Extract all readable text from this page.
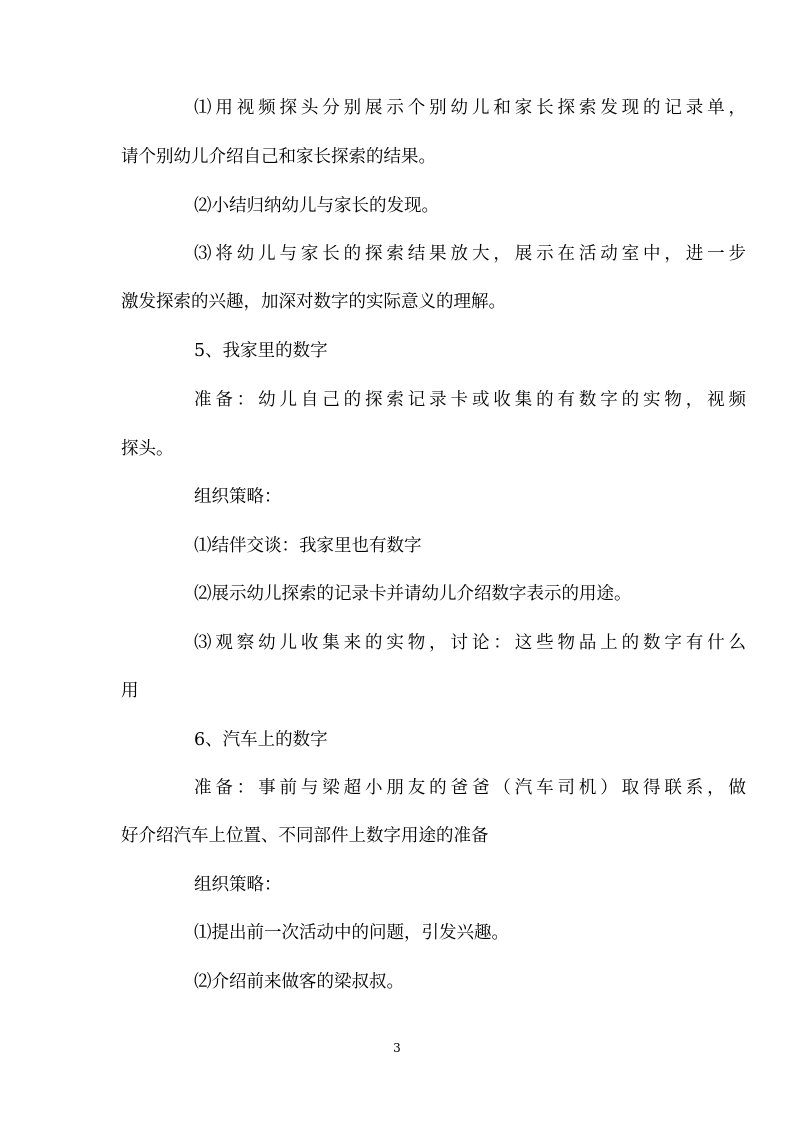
⑴用视频探头分别展示个别幼儿和家长探索发现的记录单，
请个别幼儿介绍自己和家长探索的结果。
⑵小结归纳幼儿与家长的发现。
⑶将幼儿与家长的探索结果放大，展示在活动室中，进一步
激发探索的兴趣，加深对数字的实际意义的理解。
5、我家里的数字
准备：幼儿自己的探索记录卡或收集的有数字的实物，视频
探头。
组织策略：
⑴结伴交谈：我家里也有数字
⑵展示幼儿探索的记录卡并请幼儿介绍数字表示的用途。
⑶观察幼儿收集来的实物，讨论：这些物品上的数字有什么
用
6、汽车上的数字
准备：事前与梁超小朋友的爸爸（汽车司机）取得联系，做
好介绍汽车上位置、不同部件上数字用途的准备
组织策略：
⑴提出前一次活动中的问题，引发兴趣。
⑵介绍前来做客的梁叔叔。
3
